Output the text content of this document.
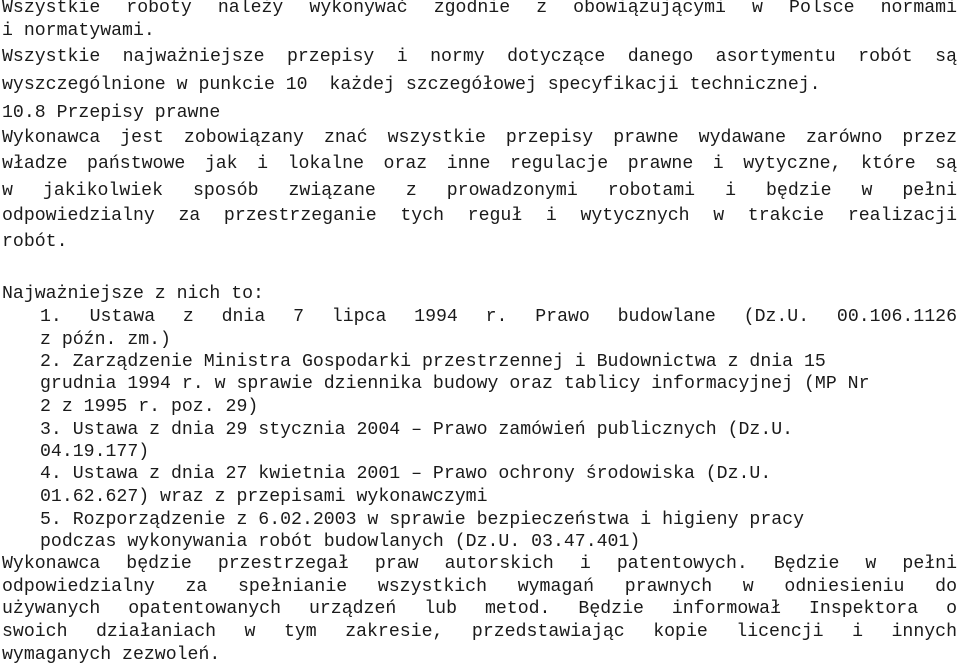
Wszystkie roboty należy wykonywać zgodnie z obowiązującymi w Polsce normami
i normatywami.
Wszystkie najważniejsze przepisy i normy dotyczące danego asortymentu robót są
wyszczególnione w punkcie 10  każdej szczegółowej specyfikacji technicznej.
10.8 Przepisy prawne
Wykonawca jest zobowiązany znać wszystkie przepisy prawne wydawane zarówno przez
władze państwowe jak i lokalne oraz inne regulacje prawne i wytyczne, które są
w jakikolwiek sposób związane z prowadzonymi robotami i będzie w pełni
odpowiedzialny za przestrzeganie tych reguł i wytycznych w trakcie realizacji
robót.
Najważniejsze z nich to:
1. Ustawa z dnia 7 lipca 1994 r. Prawo budowlane (Dz.U. 00.106.1126
z późn. zm.)
2. Zarządzenie Ministra Gospodarki przestrzennej i Budownictwa z dnia 15
grudnia 1994 r. w sprawie dziennika budowy oraz tablicy informacyjnej (MP Nr
2 z 1995 r. poz. 29)
3. Ustawa z dnia 29 stycznia 2004 – Prawo zamówień publicznych (Dz.U.
04.19.177)
4. Ustawa z dnia 27 kwietnia 2001 – Prawo ochrony środowiska (Dz.U.
01.62.627) wraz z przepisami wykonawczymi
5. Rozporządzenie z 6.02.2003 w sprawie bezpieczeństwa i higieny pracy
podczas wykonywania robót budowlanych (Dz.U. 03.47.401)
Wykonawca będzie przestrzegał praw autorskich i patentowych. Będzie w pełni
odpowiedzialny za spełnianie wszystkich wymagań prawnych w odniesieniu do
używanych opatentowanych urządzeń lub metod. Będzie informował Inspektora o
swoich działaniach w tym zakresie, przedstawiając kopie licencji i innych
wymaganych zezwoleń.
